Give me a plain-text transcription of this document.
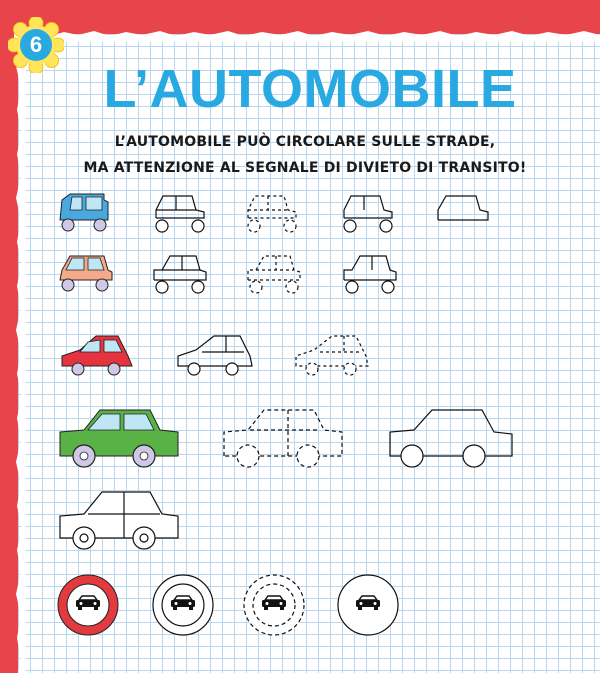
6
L’AUTOMOBILE
L’AUTOMOBILE PUÒ CIRCOLARE SULLE STRADE,
MA ATTENZIONE AL SEGNALE DI DIVIETO DI TRANSITO!
